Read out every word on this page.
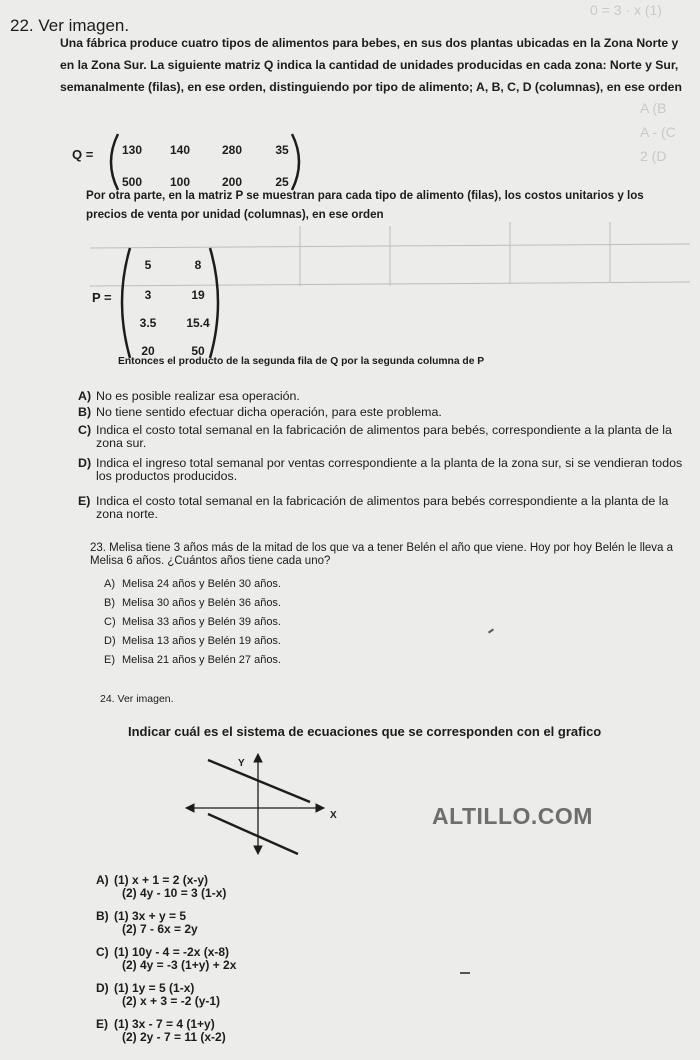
0 = 3 · x (1)
A (B
A - (C
2 (D
22. Ver imagen.
Una fábrica produce cuatro tipos de alimentos para bebes, en sus dos plantas ubicadas en la Zona Norte y en la Zona Sur. La siguiente matriz Q indica la cantidad de unidades producidas en cada zona: Norte y Sur, semanalmente (filas), en ese orden, distinguiendo por tipo de alimento; A, B, C, D (columnas), en ese orden
Q =	130	140	280	35
500	100	200	25
Por otra parte, en la matriz P se muestran para cada tipo de alimento (filas), los costos unitarios y los precios de venta por unidad (columnas), en ese orden
P =
5	8
3	19
3.5	15.4
20	50
Entonces el producto de la segunda fila de Q por la segunda columna de P
A) No es posible realizar esa operación.
B) No tiene sentido efectuar dicha operación, para este problema.
C) Indica el costo total semanal en la fabricación de alimentos para bebés, correspondiente a la planta de la zona sur.
D) Indica el ingreso total semanal por ventas correspondiente a la planta de la zona sur, si se vendieran todos los productos producidos.
E) Indica el costo total semanal en la fabricación de alimentos para bebés correspondiente a la planta de la zona norte.
23. Melisa tiene 3 años más de la mitad de los que va a tener Belén el año que viene. Hoy por hoy Belén le lleva a Melisa 6 años. ¿Cuántos años tiene cada uno?
A) Melisa 24 años y Belén 30 años.
B) Melisa 30 años y Belén 36 años.
C) Melisa 33 años y Belén 39 años.
D) Melisa 13 años y Belén 19 años.
E) Melisa 21 años y Belén 27 años.
24. Ver imagen.
Indicar cuál es el sistema de ecuaciones que se corresponden con el grafico
Y
X	ALTILLO.COM
A) (1) x + 1 = 2 (x-y)
(2) 4y - 10 = 3 (1-x)
B) (1) 3x + y = 5
(2) 7 - 6x = 2y
C) (1) 10y - 4 = -2x (x-8)
(2) 4y = -3 (1+y) + 2x
D) (1) 1y = 5 (1-x)
(2) x + 3 = -2 (y-1)
E) (1) 3x - 7 = 4 (1+y)
(2) 2y - 7 = 11 (x-2)
